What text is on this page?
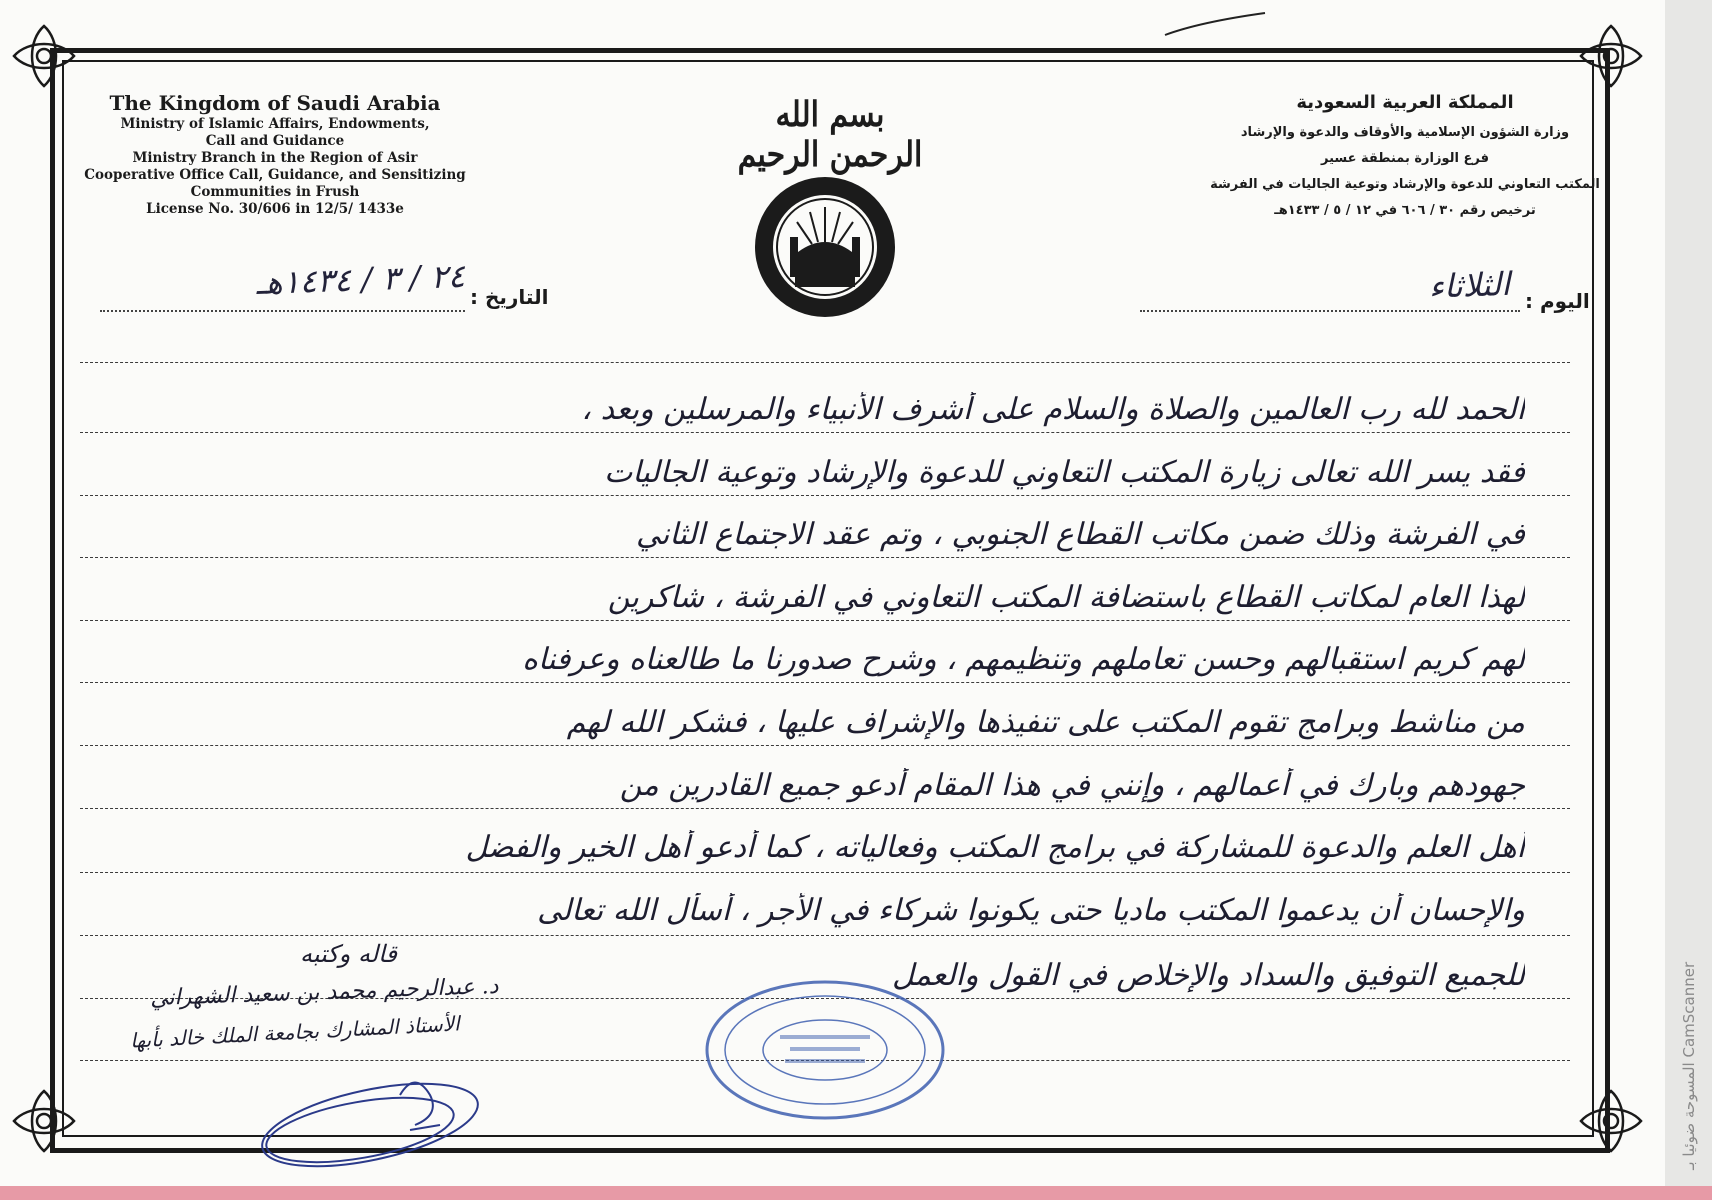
The Kingdom of Saudi Arabia
Ministry of Islamic Affairs, Endowments,
Call and Guidance
Ministry Branch in the Region of Asir
Cooperative Office Call, Guidance, and Sensitizing
Communities in Frush
License No. 30/606 in 12/5/ 1433e
المملكة العربية السعودية
وزارة الشؤون الإسلامية والأوقاف والدعوة والإرشاد
فرع الوزارة بمنطقة عسير
المكتب التعاوني للدعوة والإرشاد وتوعية الجاليات في الفرشة
ترخيص رقم ٣٠ / ٦٠٦ في ١٢ / ٥ / ١٤٣٣هـ
بسم الله الرحمن الرحيم
التاريخ :
٢٤ / ٣ / ١٤٣٤هـ
اليوم :
الثلاثاء
الحمد لله رب العالمين والصلاة والسلام على أشرف الأنبياء والمرسلين وبعد ،
فقد يسر الله تعالى زيارة المكتب التعاوني للدعوة والإرشاد وتوعية الجاليات
في الفرشة وذلك ضمن مكاتب القطاع الجنوبي ، وتم عقد الاجتماع الثاني
لهذا العام لمكاتب القطاع باستضافة المكتب التعاوني في الفرشة ، شاكرين
لهم كريم استقبالهم وحسن تعاملهم وتنظيمهم ، وشرح صدورنا ما طالعناه وعرفناه
من مناشط وبرامج تقوم المكتب على تنفيذها والإشراف عليها ، فشكر الله لهم
جهودهم وبارك في أعمالهم ، وإنني في هذا المقام أدعو جميع القادرين من
أهل العلم والدعوة للمشاركة في برامج المكتب وفعالياته ، كما أدعو أهل الخير والفضل
والإحسان أن يدعموا المكتب ماديا حتى يكونوا شركاء في الأجر ، أسأل الله تعالى
للجميع التوفيق والسداد والإخلاص في القول والعمل
قاله وكتبه
د. عبدالرحيم محمد بن سعيد الشهراني
الأستاذ المشارك بجامعة الملك خالد بأبها
CamScanner المسوحة ضوئيا بـ
